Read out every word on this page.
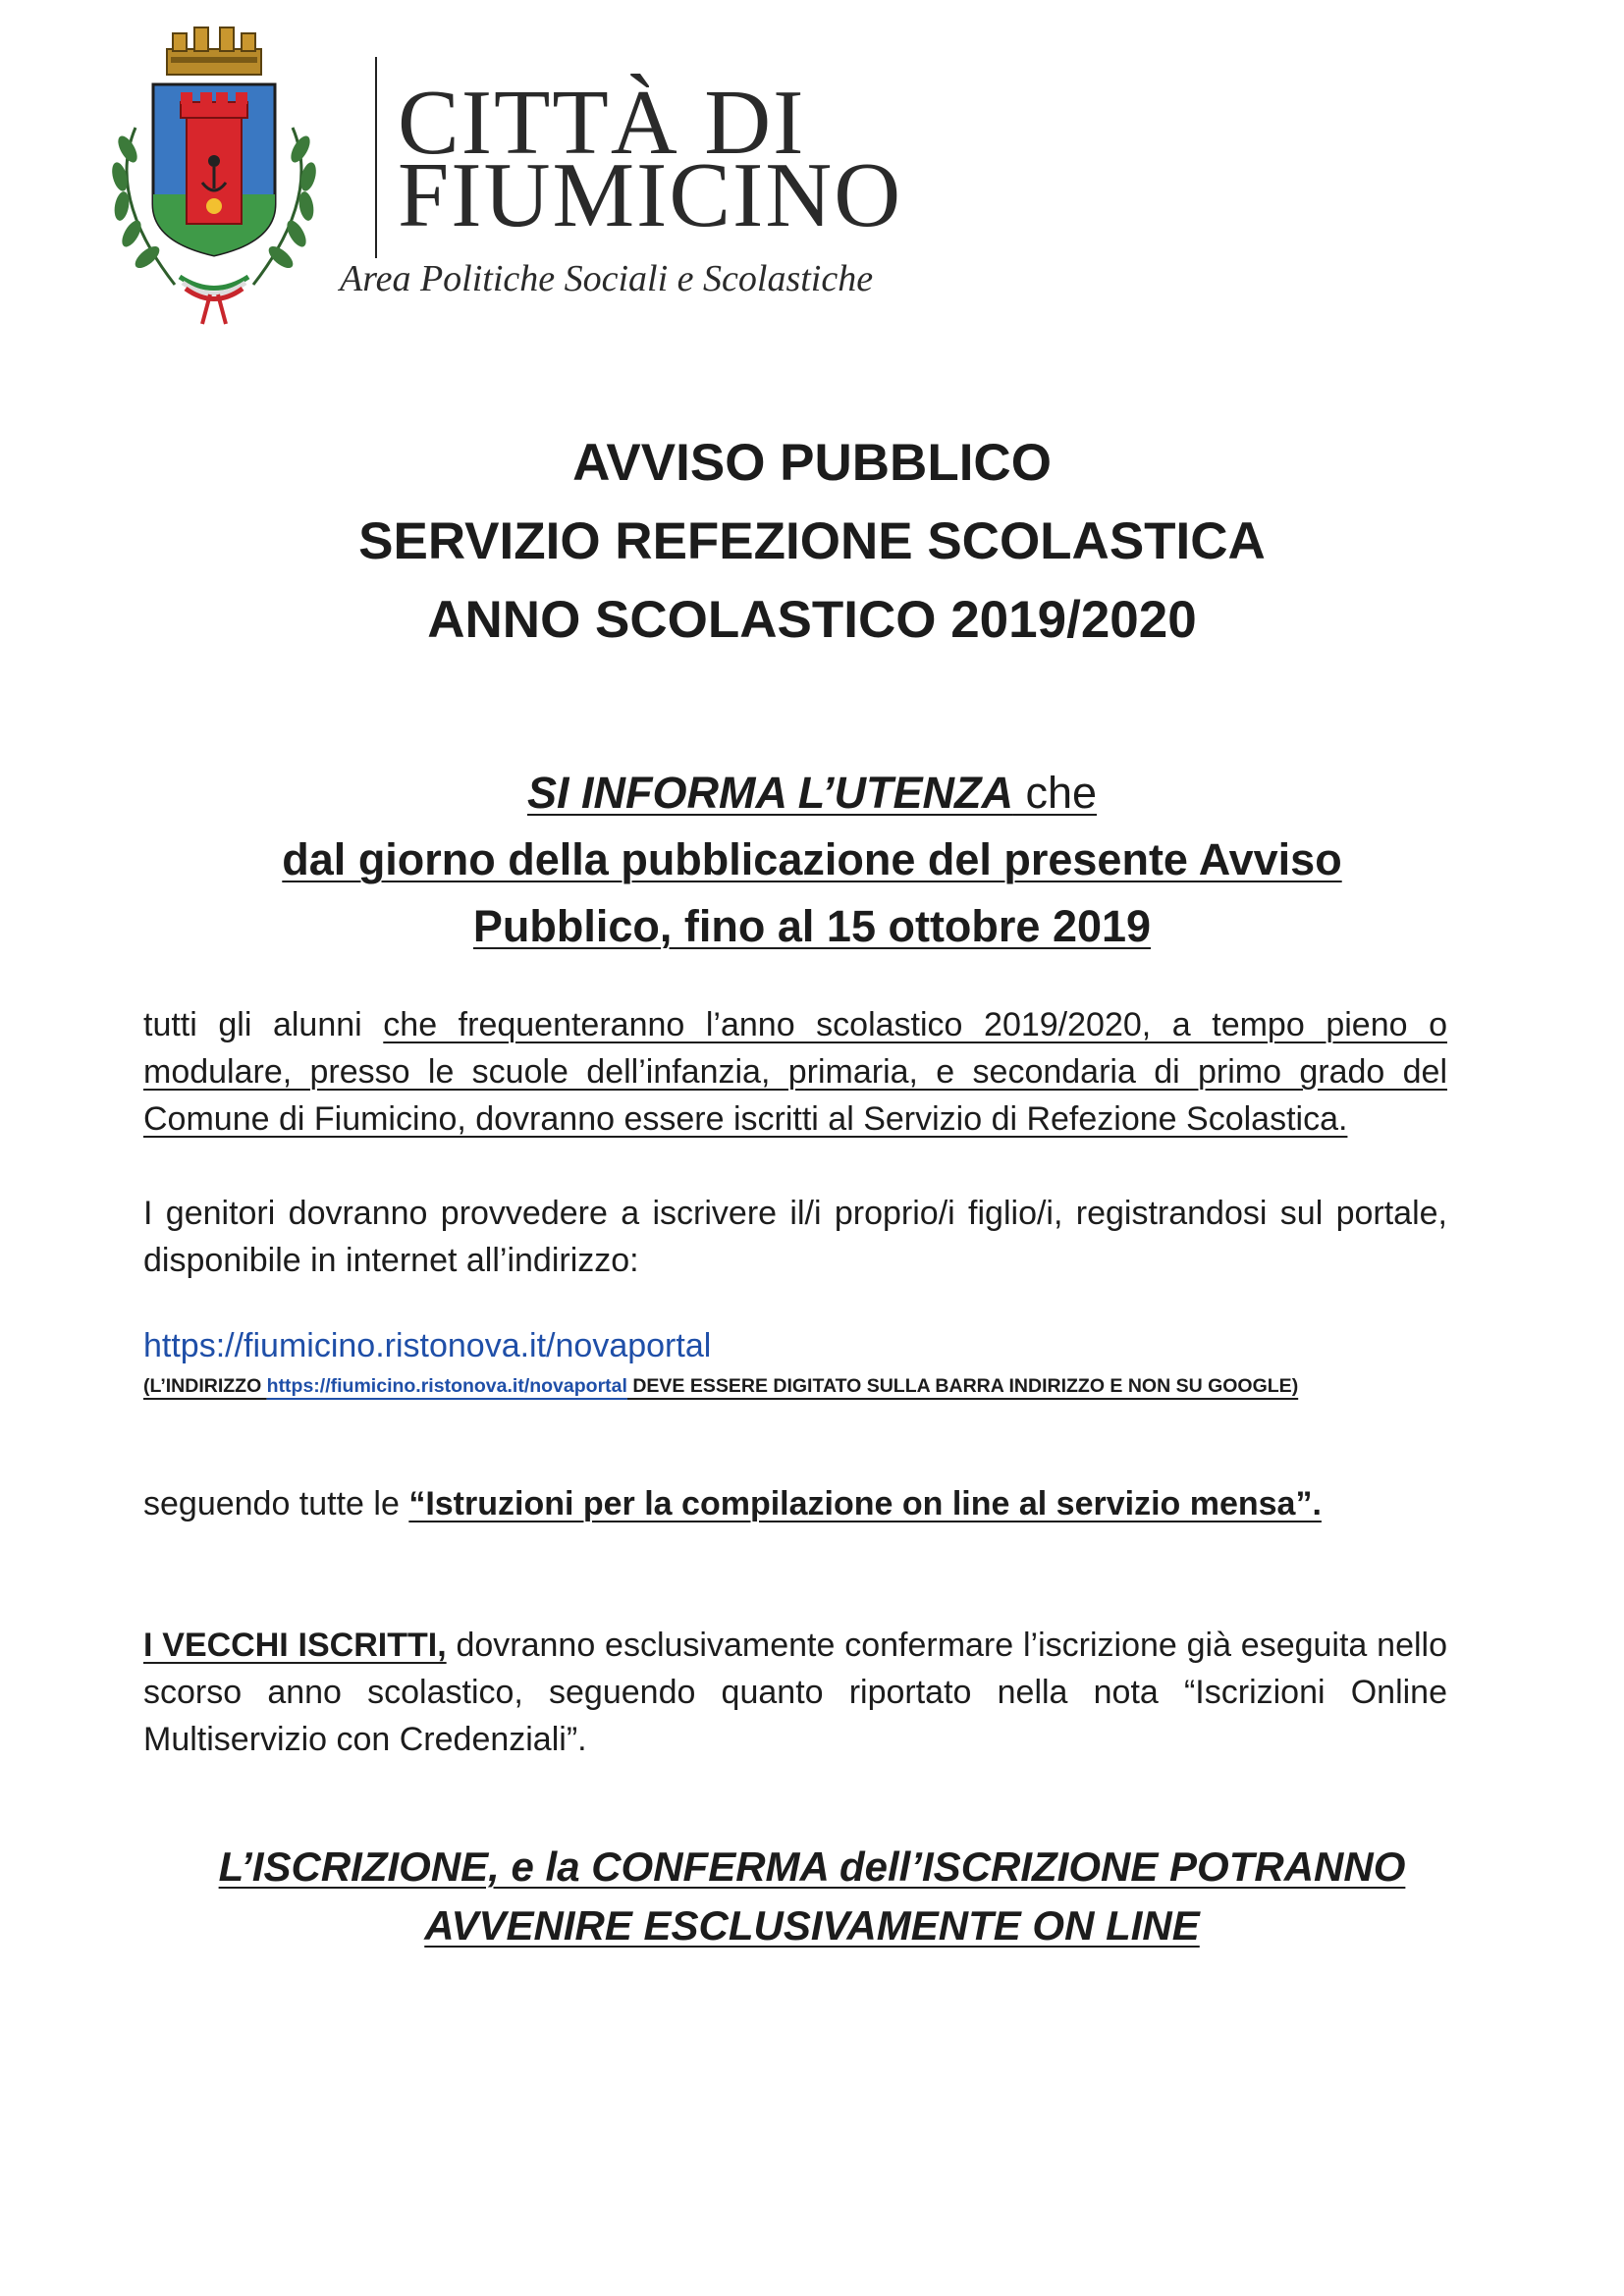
CITTÀ DI
FIUMICINO
Area Politiche Sociali e Scolastiche
AVVISO PUBBLICO
SERVIZIO REFEZIONE SCOLASTICA
ANNO SCOLASTICO 2019/2020
SI INFORMA L’UTENZA che
dal giorno della pubblicazione del presente Avviso
Pubblico, fino al 15 ottobre 2019
tutti gli alunni che frequenteranno l’anno scolastico 2019/2020, a tempo pieno o modulare, presso le scuole dell’infanzia, primaria, e secondaria di primo grado del Comune di Fiumicino, dovranno essere iscritti al Servizio di Refezione Scolastica.
I genitori dovranno provvedere a iscrivere il/i proprio/i figlio/i, registrandosi sul portale, disponibile in internet all’indirizzo:
https://fiumicino.ristonova.it/novaportal
(L’INDIRIZZO https://fiumicino.ristonova.it/novaportal DEVE ESSERE DIGITATO SULLA BARRA INDIRIZZO E NON SU GOOGLE)
seguendo tutte le “Istruzioni per la compilazione on line al servizio mensa”.
I VECCHI ISCRITTI, dovranno esclusivamente confermare l’iscrizione già eseguita nello scorso anno scolastico, seguendo quanto riportato nella nota “Iscrizioni Online Multiservizio con Credenziali”.
L’ISCRIZIONE, e la CONFERMA dell’ISCRIZIONE POTRANNO
AVVENIRE ESCLUSIVAMENTE ON LINE
